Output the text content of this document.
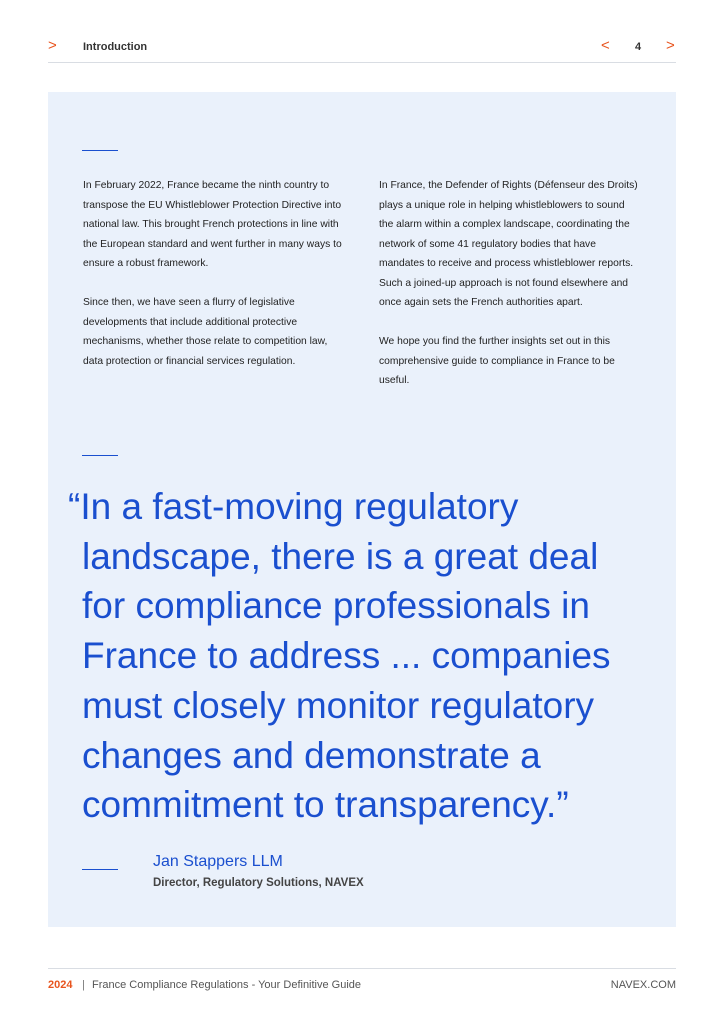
> Introduction	< 4 >

In February 2022, France became the ninth country to transpose the EU Whistleblower Protection Directive into national law. This brought French protections in line with the European standard and went further in many ways to ensure a robust framework.

Since then, we have seen a flurry of legislative developments that include additional protective mechanisms, whether those relate to competition law, data protection or financial services regulation.

In France, the Defender of Rights (Défenseur des Droits) plays a unique role in helping whistleblowers to sound the alarm within a complex landscape, coordinating the network of some 41 regulatory bodies that have mandates to receive and process whistleblower reports. Such a joined-up approach is not found elsewhere and once again sets the French authorities apart.

We hope you find the further insights set out in this comprehensive guide to compliance in France to be useful.

“In a fast-moving regulatory
landscape, there is a great deal
for compliance professionals in
France to address ... companies
must closely monitor regulatory
changes and demonstrate a
commitment to transparency.”
Jan Stappers LLM
Director, Regulatory Solutions, NAVEX
2024 | France Compliance Regulations - Your Definitive Guide	NAVEX.COM
